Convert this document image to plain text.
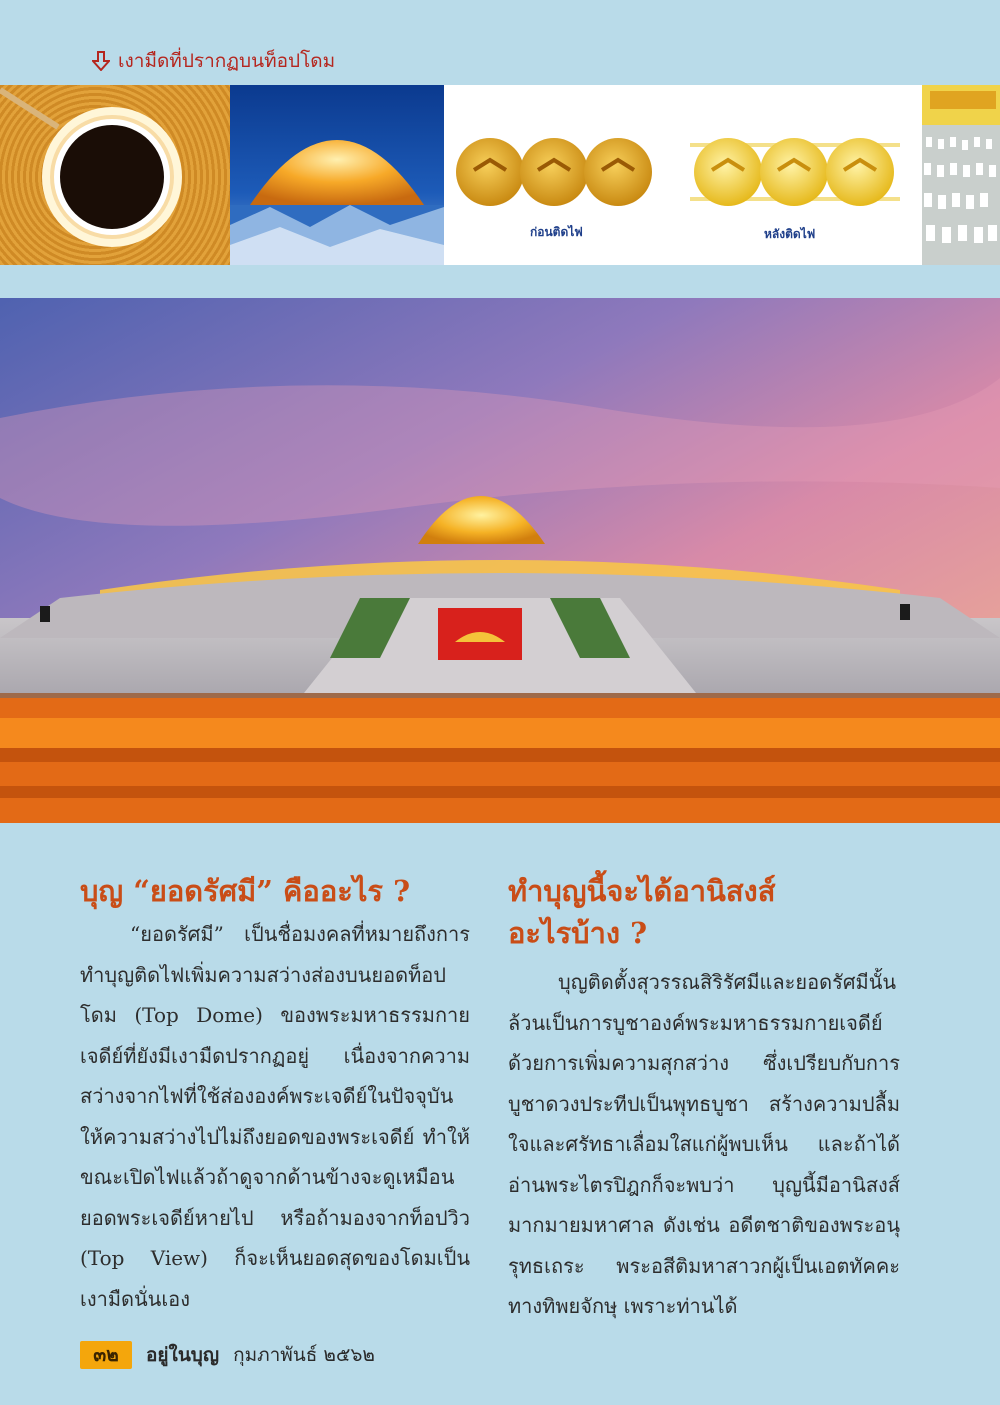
เงามืดที่ปรากฏบนท็อปโดม
ก่อนติดไฟ	หลังติดไฟ
บุญ “ยอดรัศมี” คืออะไร ?

“ยอดรัศมี” เป็นชื่อมงคลที่หมายถึงการทำบุญติดไฟเพิ่มความสว่างส่องบนยอดท็อปโดม (Top Dome) ของพระมหาธรรมกายเจดีย์ที่ยังมีเงามืดปรากฏอยู่ เนื่องจากความสว่างจากไฟที่ใช้ส่ององค์พระเจดีย์ในปัจจุบันให้ความสว่างไปไม่ถึงยอดของพระเจดีย์ ทำให้ขณะเปิดไฟแล้วถ้าดูจากด้านข้างจะดูเหมือนยอดพระเจดีย์หายไป หรือถ้ามองจากท็อปวิว (Top View) ก็จะเห็นยอดสุดของโดมเป็นเงามืดนั่นเอง

ทำบุญนี้จะได้อานิสงส์อะไรบ้าง ?

บุญติดตั้งสุวรรณสิริรัศมีและยอดรัศมีนั้น ล้วนเป็นการบูชาองค์พระมหาธรรมกายเจดีย์ด้วยการเพิ่มความสุกสว่าง ซึ่งเปรียบกับการบูชาดวงประทีปเป็นพุทธบูชา สร้างความปลื้มใจและศรัทธาเลื่อมใสแก่ผู้พบเห็น และถ้าได้อ่านพระไตรปิฎกก็จะพบว่า บุญนี้มีอานิสงส์มากมายมหาศาล ดังเช่น อดีตชาติของพระอนุรุทธเถระ พระอสีติมหาสาวกผู้เป็นเอตทัคคะทางทิพยจักษุ เพราะท่านได้

๓๒	อยู่ในบุญ กุมภาพันธ์ ๒๕๖๒
